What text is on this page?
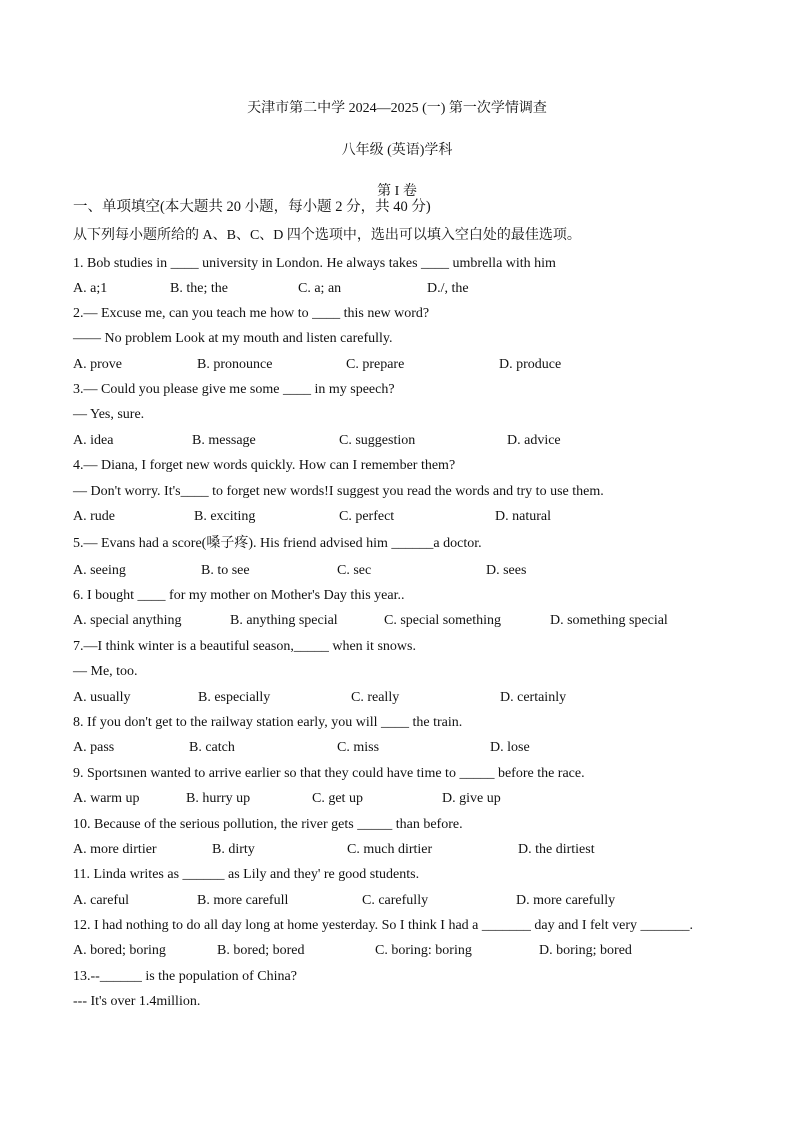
天津市第二中学 2024—2025 (一) 第一次学情调查
八年级 (英语)学科
第 I 卷
一、单项填空(本大题共 20 小题，每小题 2 分，共 40 分)
从下列每小题所给的 A、B、C、D 四个选项中，选出可以填入空白处的最佳选项。
1. Bob studies in ____ university in London. He always takes ____ umbrella with him
A. a;1	B. the; the	C. a; an	D./, the
2.— Excuse me, can you teach me how to ____ this new word?
—— No problem Look at my mouth and listen carefully.
A. prove	B. pronounce	C. prepare	D. produce
3.— Could you please give me some ____ in my speech?
— Yes, sure.
A. idea	B. message	C. suggestion	D. advice
4.— Diana, I forget new words quickly. How can I remember them?
— Don't worry. It's____ to forget new words!I suggest you read the words and try to use them.
A. rude	B. exciting	C. perfect	D. natural
5.— Evans had a score(嗓子疼). His friend advised him ______a doctor.
A. seeing	B. to see	C. sec	D. sees
6. I bought ____ for my mother on Mother's Day this year..
A. special anything	B. anything special	C. special something	D. something special
7.—I think winter is a beautiful season,_____ when it snows.
— Me, too.
A. usually	B. especially	C. really	D. certainly
8. If you don't get to the railway station early, you will ____ the train.
A. pass	B. catch	C. miss	D. lose
9. Sportsınen wanted to arrive earlier so that they could have time to _____ before the race.
A. warm up	B. hurry up	C. get up	D. give up
10. Because of the serious pollution, the river gets _____ than before.
A. more dirtier	B. dirty	C. much dirtier	D. the dirtiest
11. Linda writes as ______ as Lily and they' re good students.
A. careful	B. more carefull	C. carefully	D. more carefully
12. I had nothing to do all day long at home yesterday. So I think I had a _______ day and I felt very _______.
A. bored; boring	B. bored; bored	C. boring: boring	D. boring; bored
13.--______ is the population of China?
--- It's over 1.4million.
